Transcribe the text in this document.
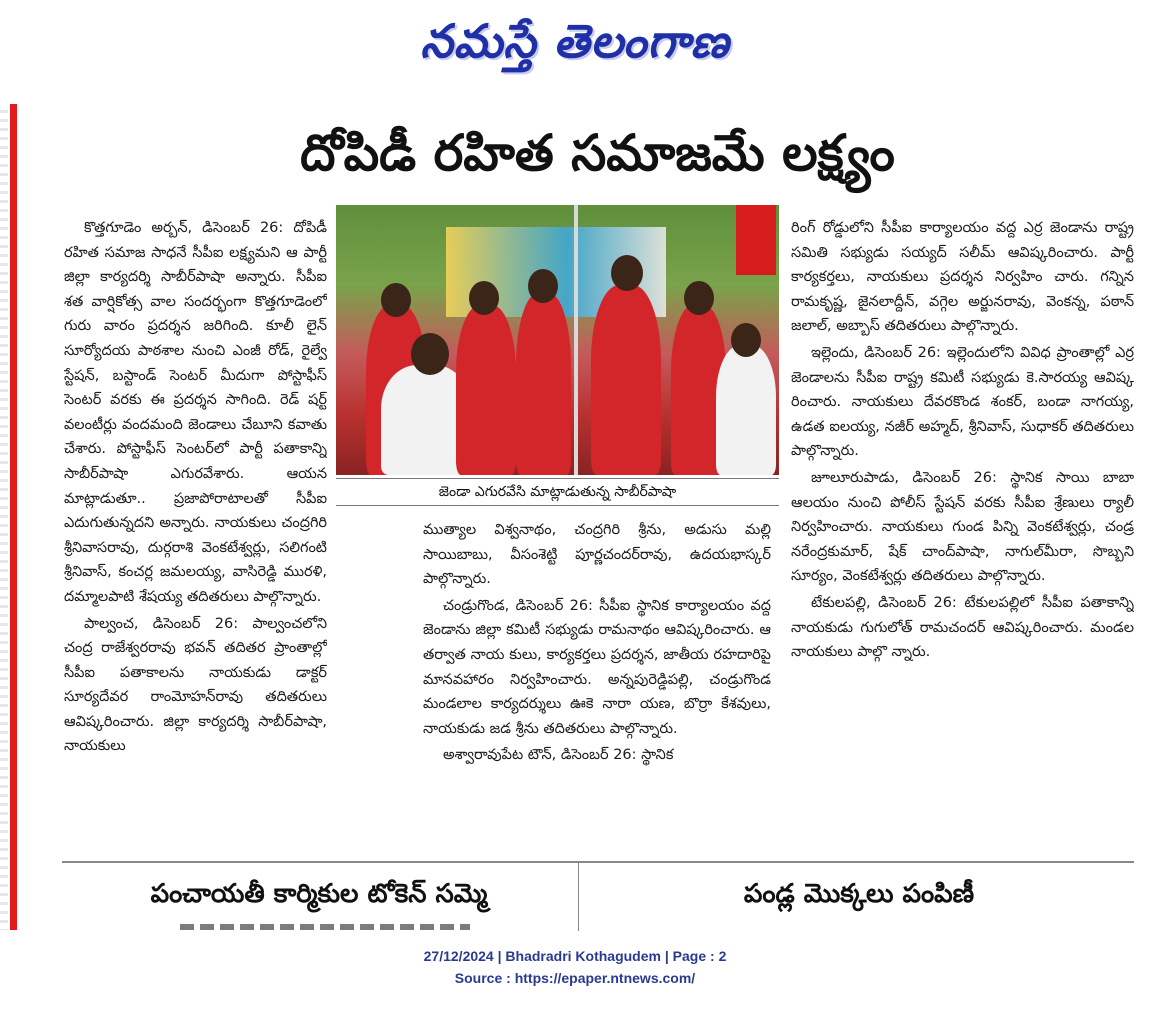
నమస్తే తెలంగాణ
దోపిడీ రహిత సమాజమే లక్ష్యం

కొత్తగూడెం అర్బన్‌, డిసెంబర్‌ 26: దోపిడీ రహిత సమాజ సాధనే సీపీఐ లక్ష్యమని ఆ పార్టీ జిల్లా కార్యదర్శి సాబీర్‌పాషా అన్నారు. సీపీఐ శత వార్షికోత్స వాల సందర్భంగా కొత్తగూడెంలో గురు వారం ప్రదర్శన జరిగింది. కూలీ లైన్‌ సూర్యోదయ పాఠశాల నుంచి ఎంజీ రోడ్‌, రైల్వే స్టేషన్‌, బస్టాండ్‌ సెంటర్‌ మీదుగా పోస్టాఫీస్‌ సెంటర్‌ వరకు ఈ ప్రదర్శన సాగింది. రెడ్‌ షర్ట్‌ వలంటీర్లు వందమంది జెండాలు చేబూని కవాతు చేశారు. పోస్టాఫీస్‌ సెంటర్‌లో పార్టీ పతాకాన్ని సాబీర్‌పాషా ఎగురవేశారు. ఆయన మాట్లాడుతూ.. ప్రజాపోరాటాలతో సీపీఐ ఎదుగుతున్నదని అన్నారు. నాయకులు చంద్రగిరి శ్రీనివాసరావు, దుర్గరాశి వెంకటేశ్వర్లు, సలిగంటి శ్రీనివాస్‌, కంచర్ల జమలయ్య, వాసిరెడ్డి మురళి, దమ్మాలపాటి శేషయ్య తదితరులు పాల్గొన్నారు.

పాల్వంచ, డిసెంబర్‌ 26: పాల్వంచలోని చంద్ర రాజేశ్వరరావు భవన్‌ తదితర ప్రాంతాల్లో సీపీఐ పతాకాలను నాయకుడు డాక్టర్‌ సూర్యదేవర రాంమోహన్‌రావు తదితరులు ఆవిష్కరించారు. జిల్లా కార్యదర్శి సాబీర్‌పాషా, నాయకులు

జెండా ఎగురవేసి మాట్లాడుతున్న సాబీర్‌పాషా

ముత్యాల విశ్వనాథం, చంద్రగిరి శ్రీను, అడుసు మల్లి సాయిబాబు, వీసంశెట్టి పూర్ణచందర్‌రావు, ఉదయభాస్కర్‌ పాల్గొన్నారు.

చండ్రుగొండ, డిసెంబర్‌ 26: సీపీఐ స్థానిక కార్యాలయం వద్ద జెండాను జిల్లా కమిటీ సభ్యుడు రామనాథం ఆవిష్కరించారు. ఆ తర్వాత నాయ కులు, కార్యకర్తలు ప్రదర్శన, జాతీయ రహదారిపై మానవహారం నిర్వహించారు. అన్నపురెడ్డిపల్లి, చండ్రుగొండ మండలాల కార్యదర్శులు ఊకె నారా యణ, బొర్రా కేశవులు, నాయకుడు జడ శ్రీను తదితరులు పాల్గొన్నారు.

అశ్వారావుపేట టౌన్‌, డిసెంబర్‌ 26: స్థానిక

రింగ్‌ రోడ్డులోని సీపీఐ కార్యాలయం వద్ద ఎర్ర జెండాను రాష్ట్ర సమితి సభ్యుడు సయ్యద్‌ సలీమ్‌ ఆవిష్కరించారు. పార్టీ కార్యకర్తలు, నాయకులు ప్రదర్శన నిర్వహిం చారు. గన్నిన రామకృష్ణ, జైనలాద్దీన్‌, వగ్గెల అర్జునరావు, వెంకన్న, పఠాన్‌ జలాల్‌, అబ్బాస్‌ తదితరులు పాల్గొన్నారు.

ఇల్లెందు, డిసెంబర్‌ 26: ఇల్లెందులోని వివిధ ప్రాంతాల్లో ఎర్ర జెండాలను సీపీఐ రాష్ట్ర కమిటీ సభ్యుడు కె.సారయ్య ఆవిష్క రించారు. నాయకులు దేవరకొండ శంకర్‌, బండా నాగయ్య, ఉడత ఐలయ్య, నజీర్‌ అహ్మద్‌, శ్రీనివాస్‌, సుధాకర్‌ తదితరులు పాల్గొన్నారు.

జూలూరుపాడు, డిసెంబర్‌ 26: స్థానిక సాయి బాబా ఆలయం నుంచి పోలీస్‌ స్టేషన్‌ వరకు సీపీఐ శ్రేణులు ర్యాలీ నిర్వహించారు. నాయకులు గుండ పిన్ని వెంకటేశ్వర్లు, చండ్ర నరేంద్రకుమార్‌, షేక్‌ చాంద్‌పాషా, నాగుల్‌మీరా, సొబ్బని సూర్యం, వెంకటేశ్వర్లు తదితరులు పాల్గొన్నారు.

టేకులపల్లి, డిసెంబర్‌ 26: టేకులపల్లిలో సీపీఐ పతాకాన్ని నాయకుడు గుగులోత్‌ రామచందర్‌ ఆవిష్కరించారు. మండల నాయకులు పాల్గొ న్నారు.

పంచాయతీ కార్మికుల టోకెన్‌ సమ్మె	పండ్ల మొక్కలు పంపిణీ
27/12/2024 | Bhadradri Kothagudem | Page : 2
Source : https://epaper.ntnews.com/
